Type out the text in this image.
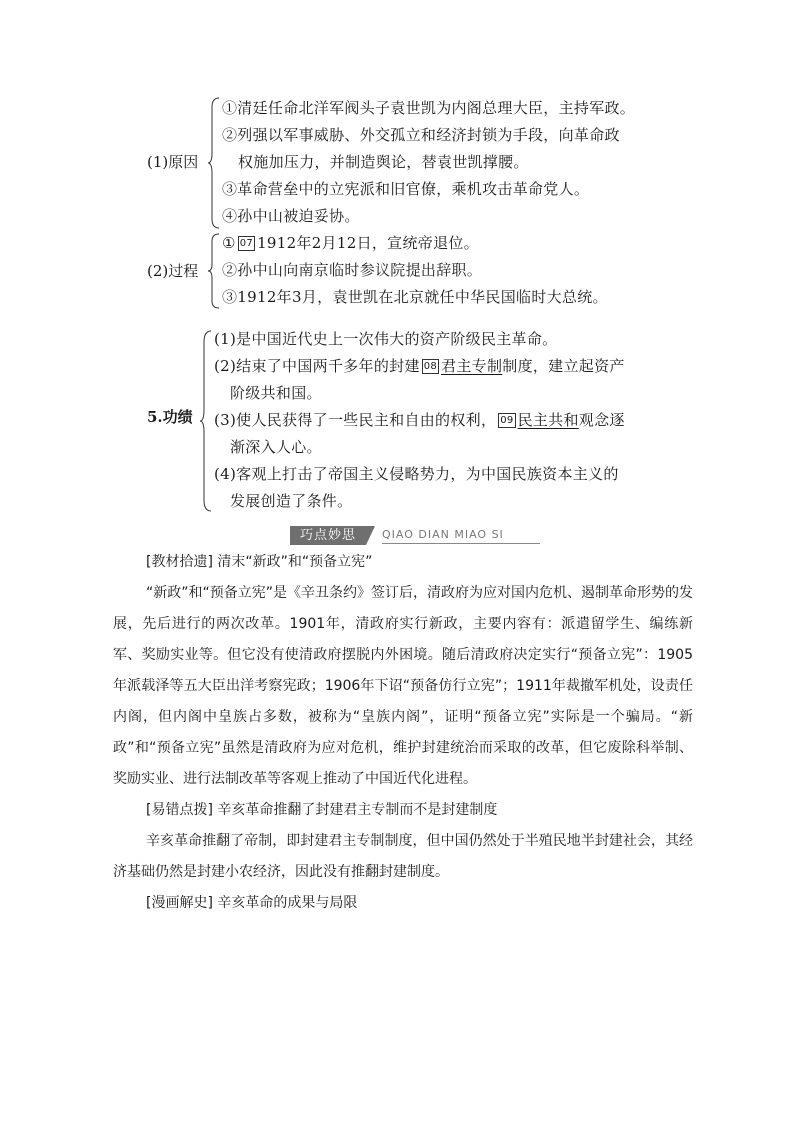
(1)原因
①清廷任命北洋军阀头子袁世凯为内阁总理大臣，主持军政。
②列强以军事威胁、外交孤立和经济封锁为手段，向革命政
权施加压力，并制造舆论，替袁世凯撑腰。
③革命营垒中的立宪派和旧官僚，乘机攻击革命党人。
④孙中山被迫妥协。
(2)过程
① 07 1912年2月12日，宣统帝退位。
②孙中山向南京临时参议院提出辞职。
③1912年3月，袁世凯在北京就任中华民国临时大总统。
5.功绩
(1)是中国近代史上一次伟大的资产阶级民主革命。
(2)结束了中国两千多年的封建 08 君主专制制度，建立起资产
阶级共和国。
(3)使人民获得了一些民主和自由的权利， 09 民主共和观念逐
渐深入人心。
(4)客观上打击了帝国主义侵略势力，为中国民族资本主义的
发展创造了条件。
巧点妙思	QIAO DIAN MIAO SI
[教材拾遗] 清末“新政”和“预备立宪”

“新政”和“预备立宪”是《辛丑条约》签订后，清政府为应对国内危机、遏制革命形势的发展，先后进行的两次改革。1901年，清政府实行新政，主要内容有：派遣留学生、编练新军、奖励实业等。但它没有使清政府摆脱内外困境。随后清政府决定实行“预备立宪”：1905年派载泽等五大臣出洋考察宪政；1906年下诏“预备仿行立宪”；1911年裁撤军机处，设责任内阁，但内阁中皇族占多数，被称为“皇族内阁”，证明“预备立宪”实际是一个骗局。“新政”和“预备立宪”虽然是清政府为应对危机，维护封建统治而采取的改革，但它废除科举制、奖励实业、进行法制改革等客观上推动了中国近代化进程。

[易错点拨] 辛亥革命推翻了封建君主专制而不是封建制度

辛亥革命推翻了帝制，即封建君主专制制度，但中国仍然处于半殖民地半封建社会，其经济基础仍然是封建小农经济，因此没有推翻封建制度。

[漫画解史] 辛亥革命的成果与局限
